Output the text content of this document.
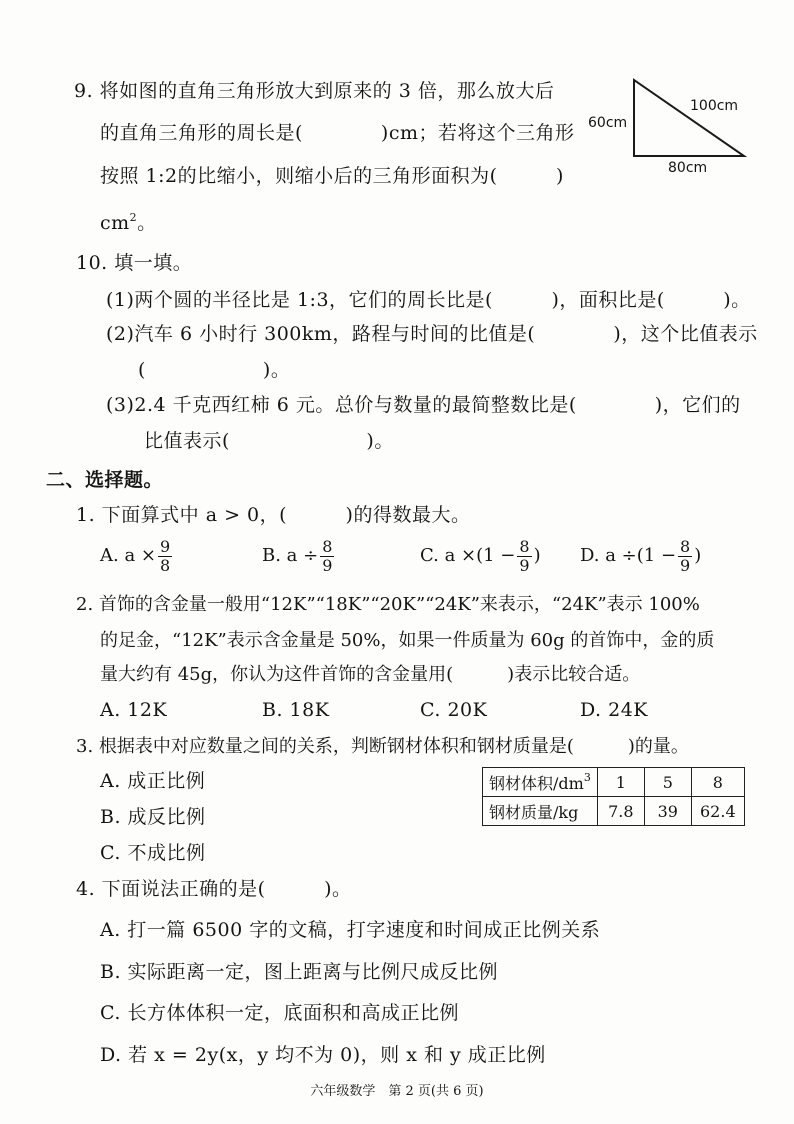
9. 将如图的直角三角形放大到原来的 3 倍，那么放大后
的直角三角形的周长是(　　　　)cm；若将这个三角形
按照 1:2的比缩小，则缩小后的三角形面积为(　　　)
$cm^2$。
60cm
100cm
80cm
10. 填一填。
(1)两个圆的半径比是 1:3，它们的周长比是(　　　)，面积比是(　　　)。
(2)汽车 6 小时行 300km，路程与时间的比值是(　　　　)，这个比值表示
(　　　　　　)。
(3)2.4 千克西红柿 6 元。总价与数量的最简整数比是(　　　　)，它们的
比值表示(　　　　　　　)。
二、选择题。
1. 下面算式中 a > 0，(　　　)的得数最大。
A. $a \times \frac{9}{8}$	B. $a \div \frac{8}{9}$	C. $a \times(1 - \frac{8}{9}$ ) D. $a \div(1 - \frac{8}{9}$ )
2. 首饰的含金量一般用“12K”“18K”“20K”“24K”来表示，“24K”表示 100%
的足金，“12K”表示含金量是 50%，如果一件质量为 60g 的首饰中，金的质
量大约有 45g，你认为这件首饰的含金量用(　　　)表示比较合适。
A. 12K	B. 18K	C. 20K	D. 24K
3. 根据表中对应数量之间的关系，判断钢材体积和钢材质量是(　　　)的量。
A. 成正比例
B. 成反比例
C. 不成比例
钢材体积$/dm^3$	1	5	8
钢材质量/kg	7.8	39	62.4
4. 下面说法正确的是(　　　)。
A. 打一篇 6500 字的文稿，打字速度和时间成正比例关系
B. 实际距离一定，图上距离与比例尺成反比例
C. 长方体体积一定，底面积和高成正比例
D. 若 x = 2y(x，y 均不为 0)，则 x 和 y 成正比例
六年级数学　第 2 页(共 6 页)
